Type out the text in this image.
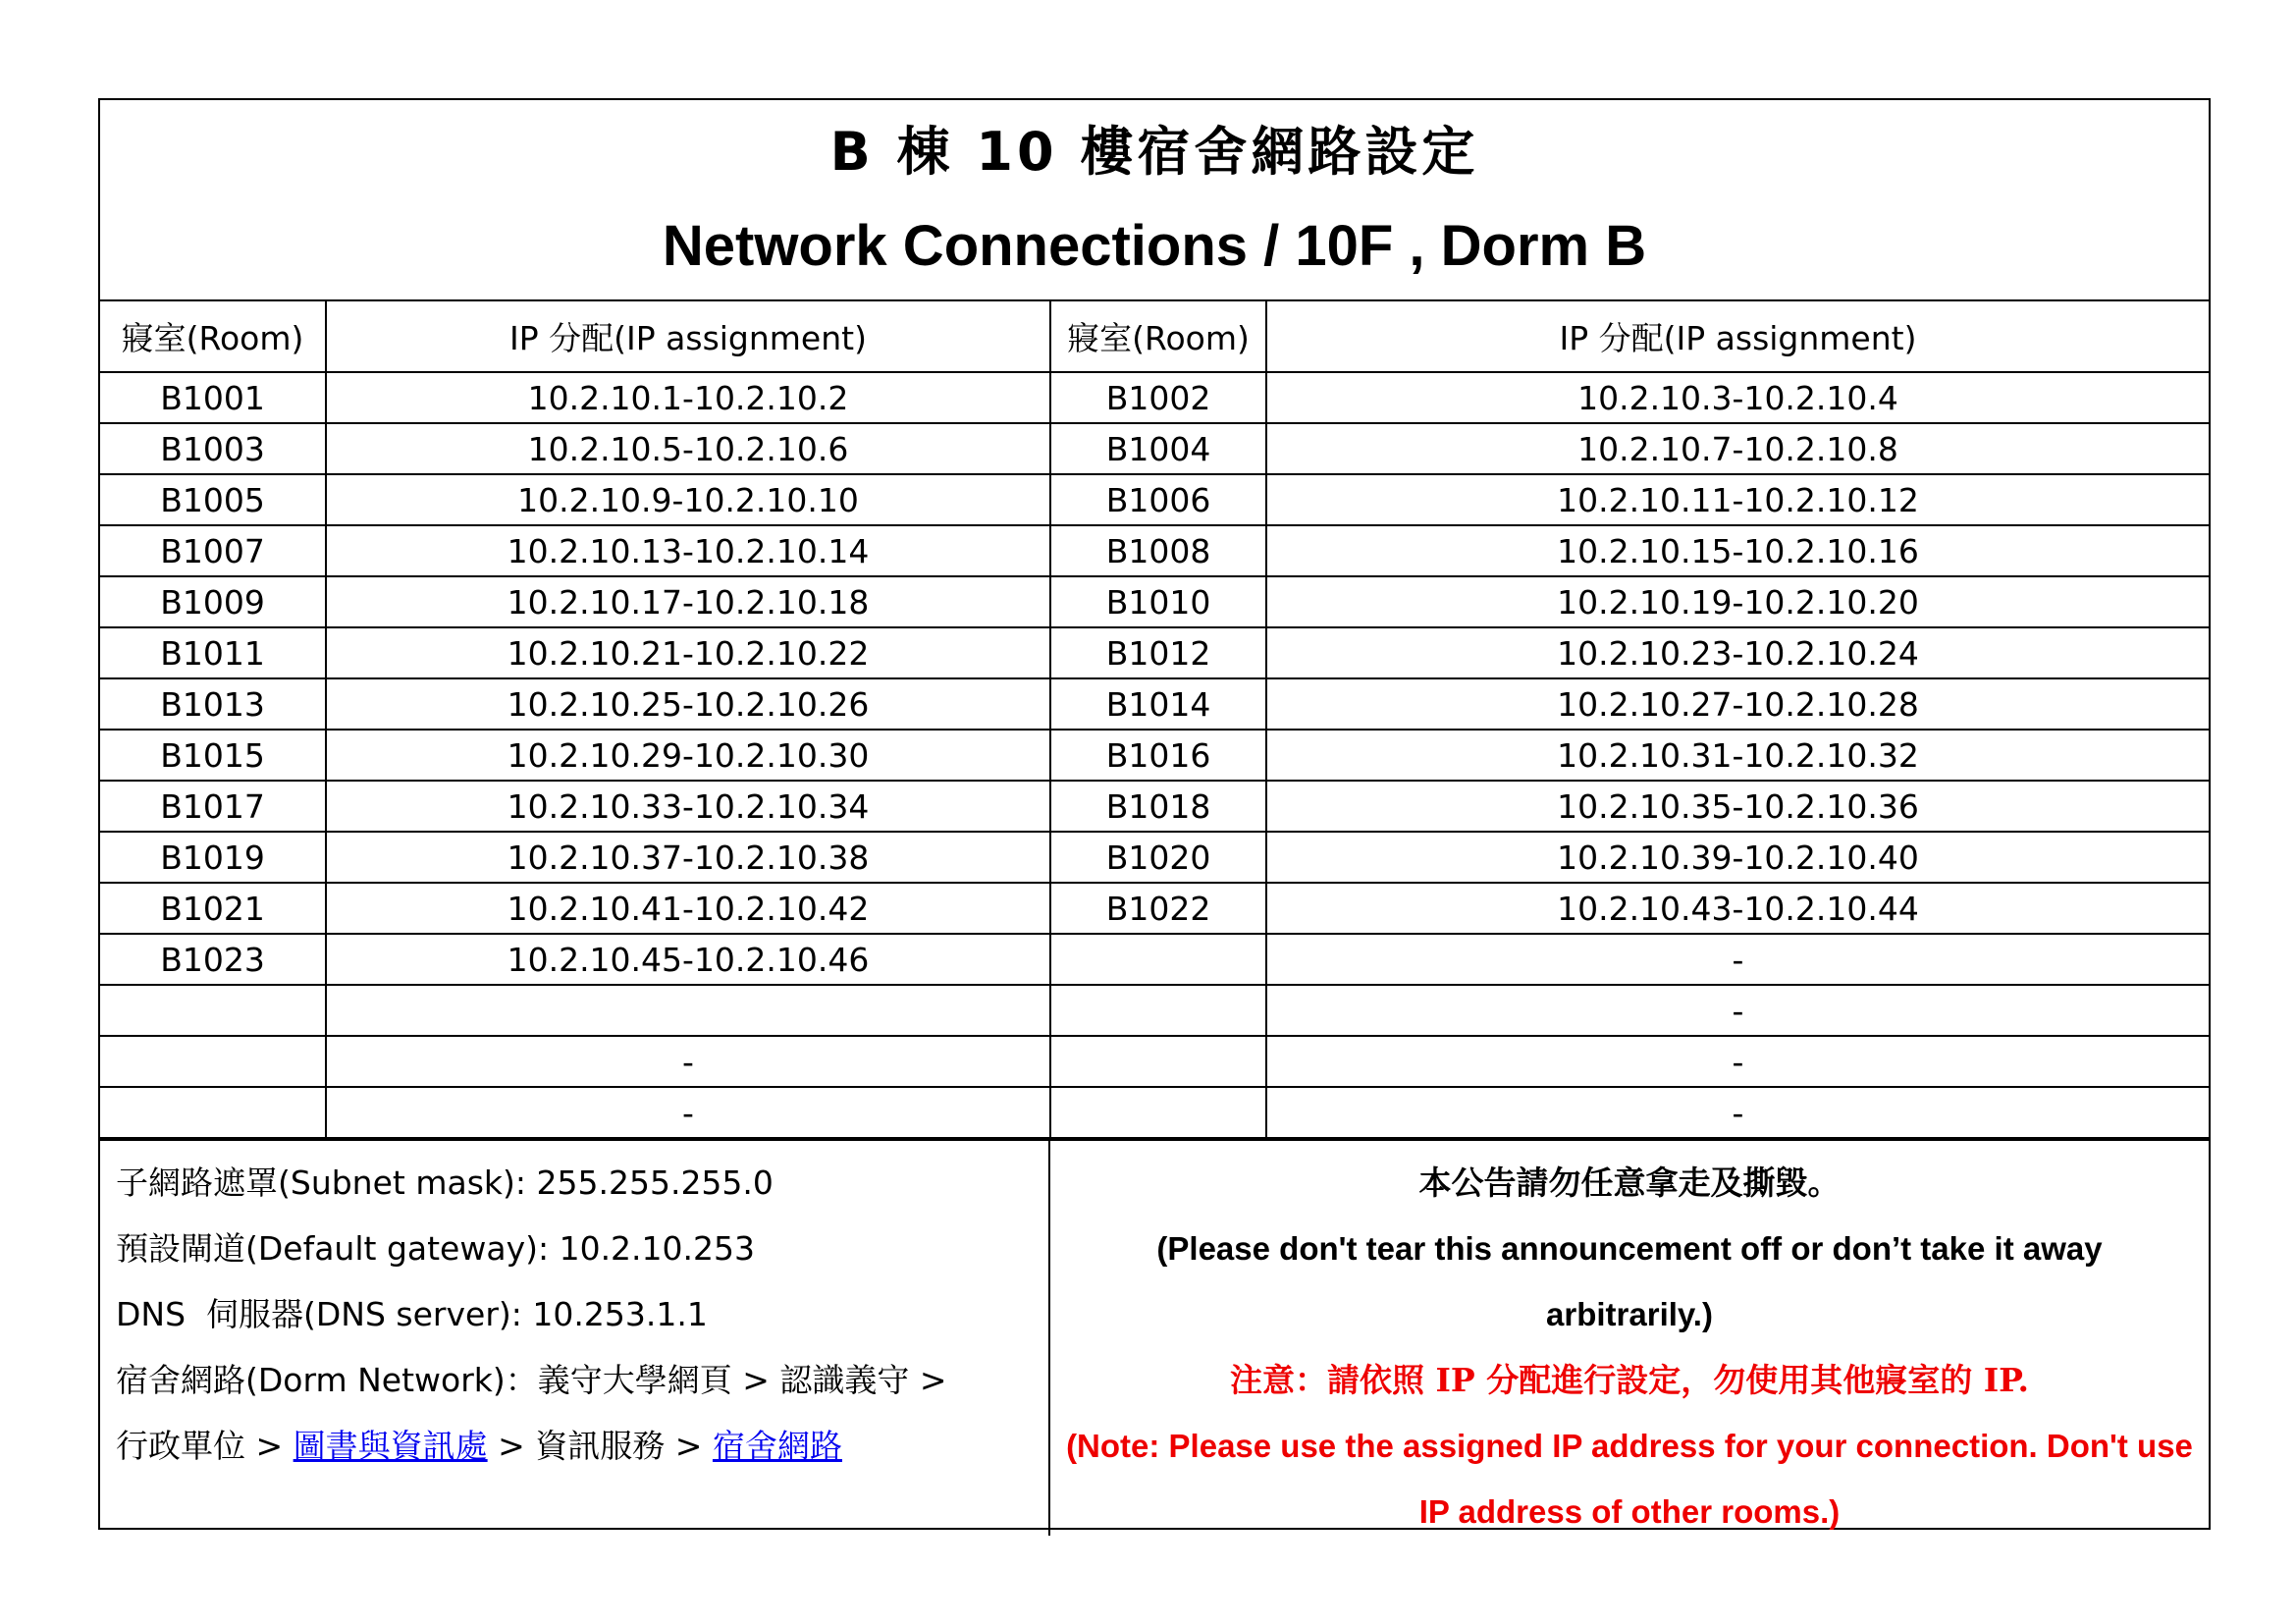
B 棟 10 樓宿舍網路設定
Network Connections / 10F , Dorm B
寢室(Room)	IP 分配(IP assignment)	寢室(Room)	IP 分配(IP assignment)
B1001	10.2.10.1-10.2.10.2	B1002	10.2.10.3-10.2.10.4
B1003	10.2.10.5-10.2.10.6	B1004	10.2.10.7-10.2.10.8
B1005	10.2.10.9-10.2.10.10	B1006	10.2.10.11-10.2.10.12
B1007	10.2.10.13-10.2.10.14	B1008	10.2.10.15-10.2.10.16
B1009	10.2.10.17-10.2.10.18	B1010	10.2.10.19-10.2.10.20
B1011	10.2.10.21-10.2.10.22	B1012	10.2.10.23-10.2.10.24
B1013	10.2.10.25-10.2.10.26	B1014	10.2.10.27-10.2.10.28
B1015	10.2.10.29-10.2.10.30	B1016	10.2.10.31-10.2.10.32
B1017	10.2.10.33-10.2.10.34	B1018	10.2.10.35-10.2.10.36
B1019	10.2.10.37-10.2.10.38	B1020	10.2.10.39-10.2.10.40
B1021	10.2.10.41-10.2.10.42	B1022	10.2.10.43-10.2.10.44
B1023	10.2.10.45-10.2.10.46		-
			-
	-		-
	-		-
子網路遮罩(Subnet mask): 255.255.255.0
預設閘道(Default gateway): 10.2.10.253
DNS  伺服器(DNS server): 10.253.1.1
宿舍網路(Dorm Network)：義守大學網頁 > 認識義守 >
行政單位 > 圖書與資訊處 > 資訊服務 > 宿舍網路
本公告請勿任意拿走及撕毀。
(Please don't tear this announcement off or don’t take it away
arbitrarily.)
注意：請依照 IP 分配進行設定，勿使用其他寢室的 IP.
(Note: Please use the assigned IP address for your connection. Don't use
IP address of other rooms.)
